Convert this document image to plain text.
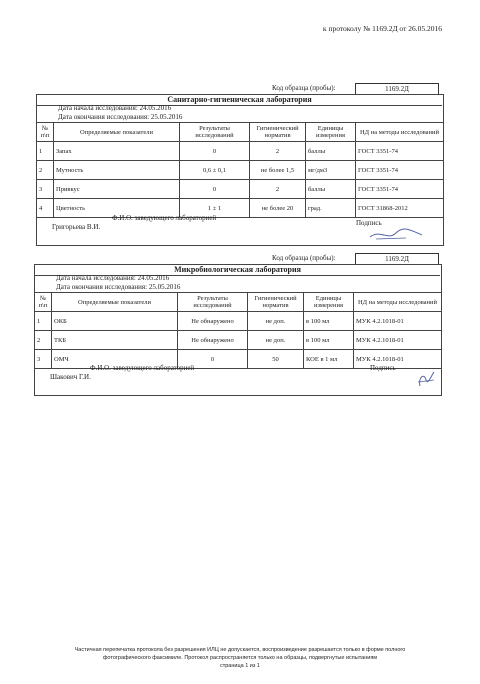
к протоколу № 1169.2Д от 26.05.2016
Код образца (пробы):	1169.2Д
Санитарно-гигиеническая лаборатория
Дата начала исследования: 24.05.2016
Дата окончания исследования: 25.05.2016
№ п\п	Определяемые показатели	Результаты исследований	Гигиенический норматив	Единицы измерения	НД на методы исследований
1	Запах	0	2	баллы	ГОСТ 3351-74
2	Мутность	0,6 ± 0,1	не более 1,5	мг/дм3	ГОСТ 3351-74
3	Привкус	0	2	баллы	ГОСТ 3351-74
4	Цветность	1 ± 1	не более 20	град.	ГОСТ 31868-2012
Ф.И.О. заведующего лабораторией
Григорьева В.И.	Подпись
Код образца (пробы):	1169.2Д
Микробиологическая лаборатория
Дата начала исследования: 24.05.2016
Дата окончания исследования: 25.05.2016
№ п\п	Определяемые показатели	Результаты исследований	Гигиенический норматив	Единицы измерения	НД на методы исследований
1	ОКБ	Не обнаружено	не доп.	в 100 мл	МУК 4.2.1018-01
2	ТКБ	Не обнаружено	не доп.	в 100 мл	МУК 4.2.1018-01
3	ОМЧ	0	50	КОЕ в 1 мл	МУК 4.2.1018-01
Ф.И.О. заведующего лабораторией
Шакович Г.И.
Подпись
Частичная перепечатка протокола без разрешения ИЛЦ не допускается, воспроизведение разрешается только в форме полного
фотографического факсимиле. Протокол распространяется только на образцы, подвергнутые испытаниям
страница 1 из 1
